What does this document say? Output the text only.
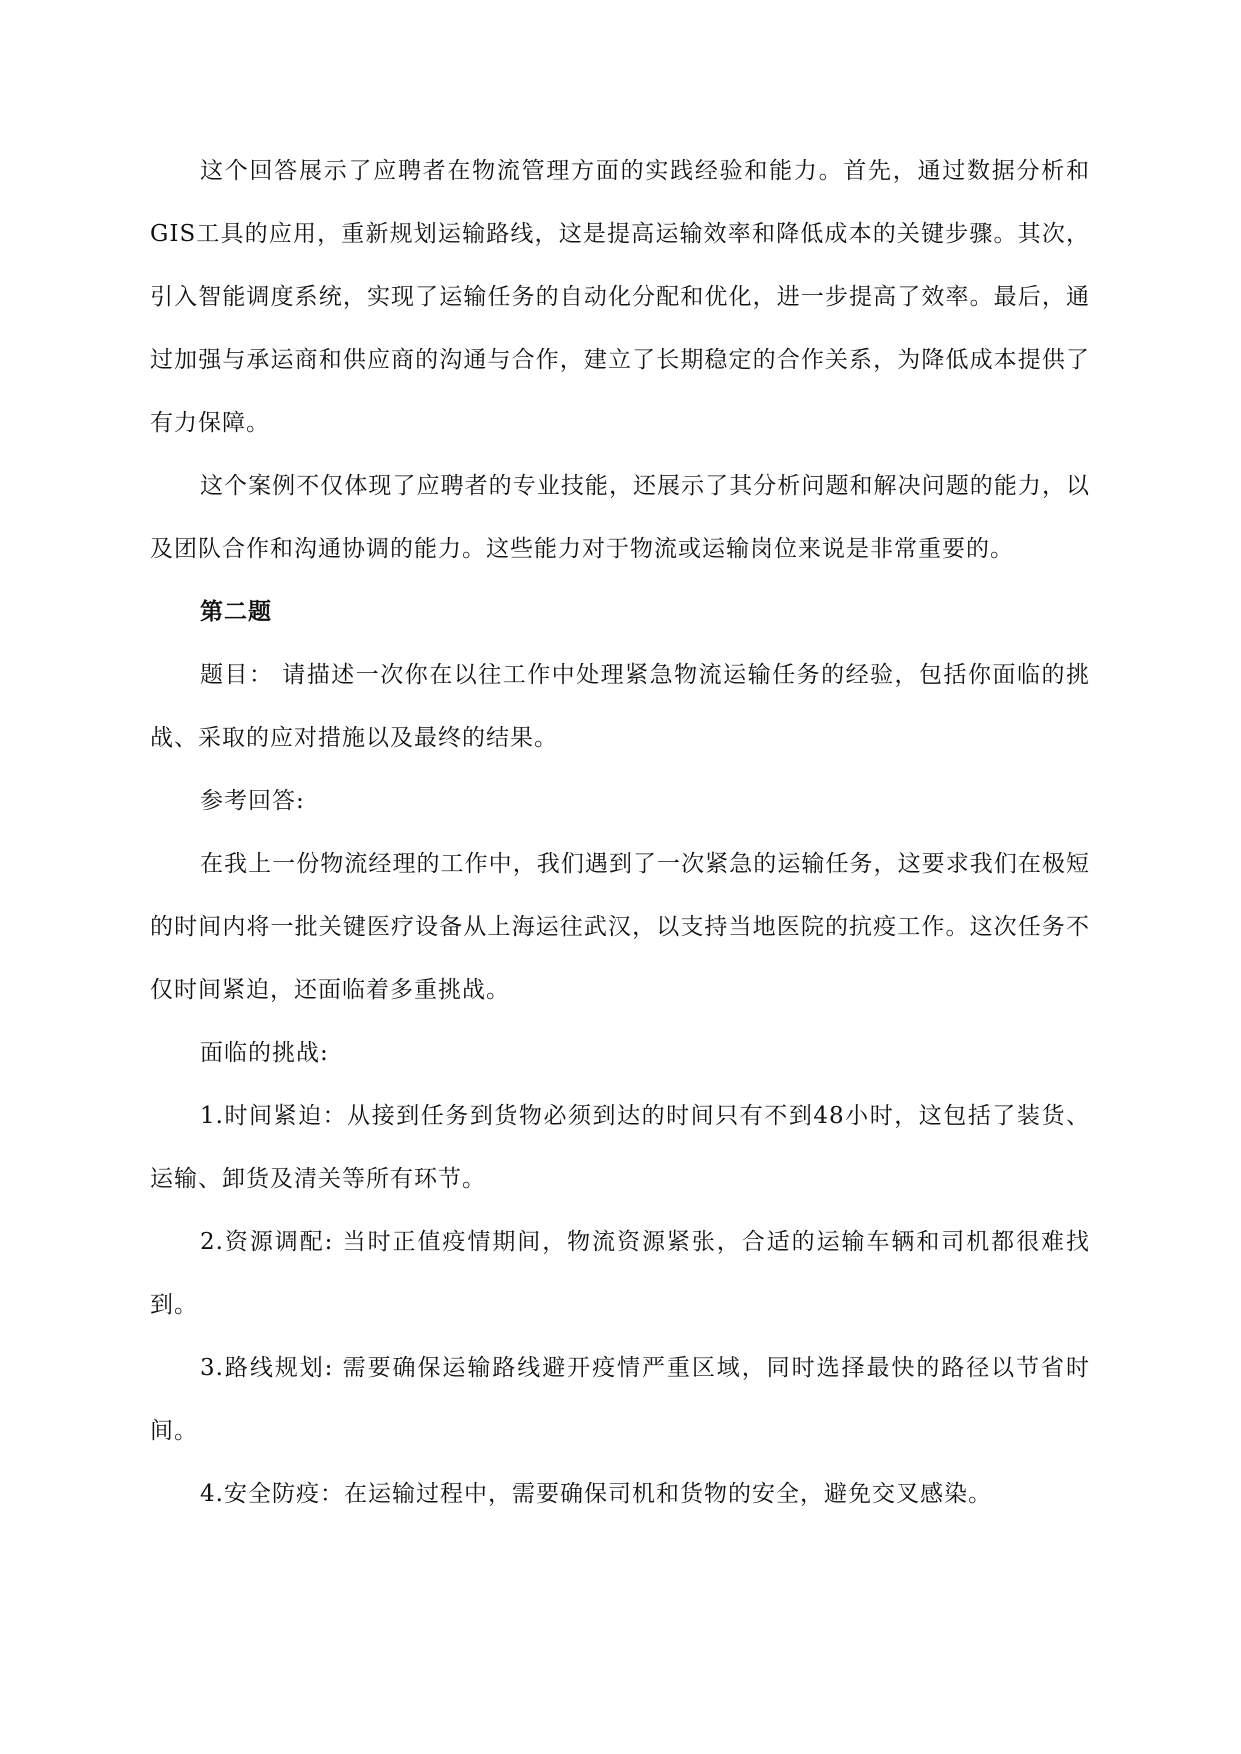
这个回答展示了应聘者在物流管理方面的实践经验和能力。首先，通过数据分析和GIS工具的应用，重新规划运输路线，这是提高运输效率和降低成本的关键步骤。其次，引入智能调度系统，实现了运输任务的自动化分配和优化，进一步提高了效率。最后，通过加强与承运商和供应商的沟通与合作，建立了长期稳定的合作关系，为降低成本提供了有力保障。

这个案例不仅体现了应聘者的专业技能，还展示了其分析问题和解决问题的能力，以及团队合作和沟通协调的能力。这些能力对于物流或运输岗位来说是非常重要的。

第二题

题目： 请描述一次你在以往工作中处理紧急物流运输任务的经验，包括你面临的挑战、采取的应对措施以及最终的结果。

参考回答:

在我上一份物流经理的工作中，我们遇到了一次紧急的运输任务，这要求我们在极短的时间内将一批关键医疗设备从上海运往武汉，以支持当地医院的抗疫工作。这次任务不仅时间紧迫，还面临着多重挑战。

面临的挑战:

1.时间紧迫：从接到任务到货物必须到达的时间只有不到48小时，这包括了装货、运输、卸货及清关等所有环节。

2.资源调配: 当时正值疫情期间，物流资源紧张，合适的运输车辆和司机都很难找到。

3.路线规划: 需要确保运输路线避开疫情严重区域，同时选择最快的路径以节省时间。

4.安全防疫：在运输过程中，需要确保司机和货物的安全，避免交叉感染。
